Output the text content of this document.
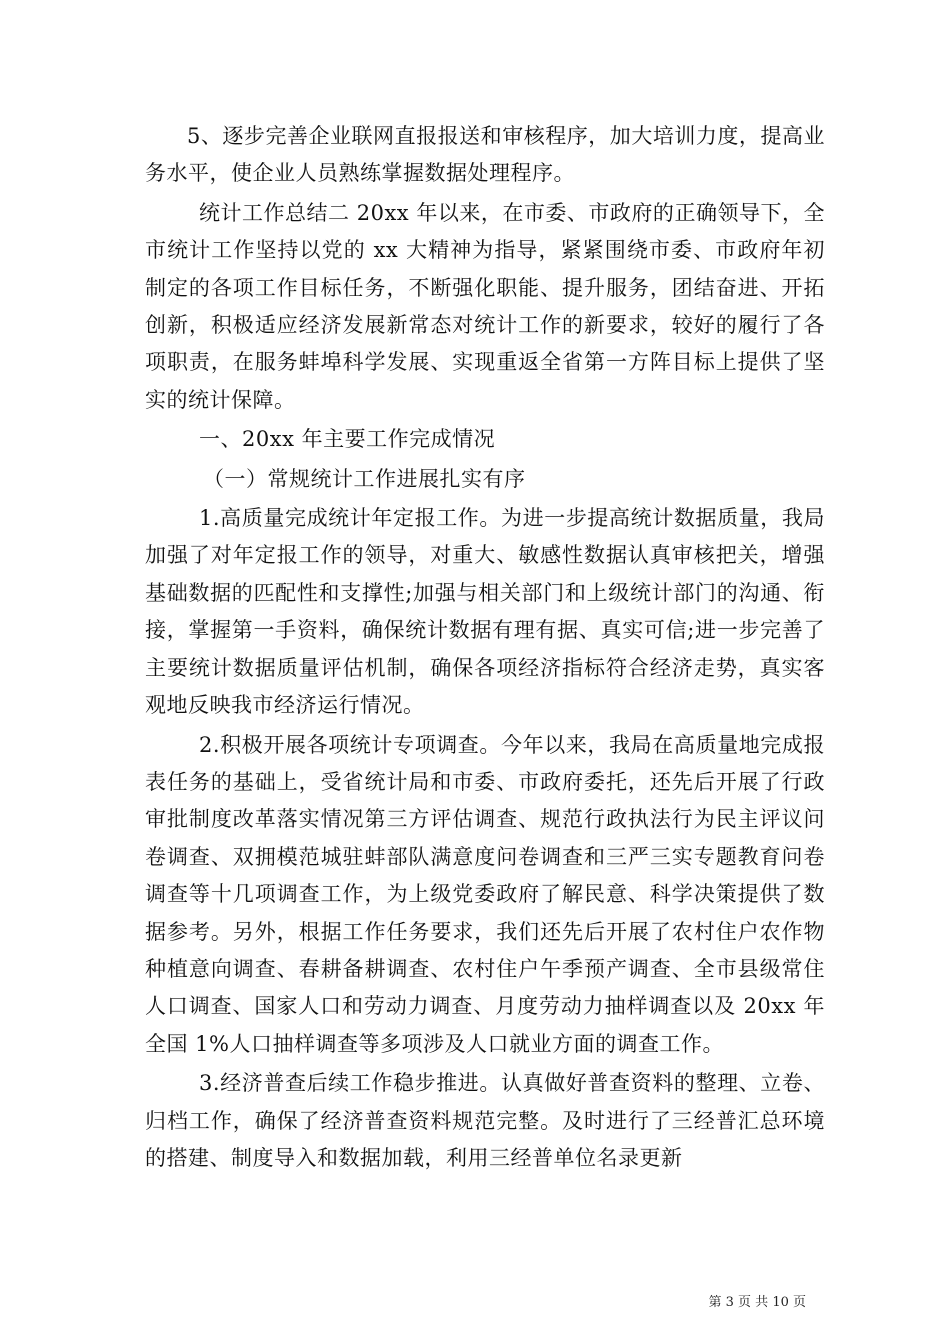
5、逐步完善企业联网直报报送和审核程序，加大培训力度，提高业务水平，使企业人员熟练掌握数据处理程序。

统计工作总结二 20xx 年以来，在市委、市政府的正确领导下，全市统计工作坚持以党的 xx 大精神为指导，紧紧围绕市委、市政府年初制定的各项工作目标任务，不断强化职能、提升服务，团结奋进、开拓创新，积极适应经济发展新常态对统计工作的新要求，较好的履行了各项职责，在服务蚌埠科学发展、实现重返全省第一方阵目标上提供了坚实的统计保障。

一、20xx 年主要工作完成情况

（一）常规统计工作进展扎实有序

1.高质量完成统计年定报工作。为进一步提高统计数据质量，我局加强了对年定报工作的领导，对重大、敏感性数据认真审核把关，增强基础数据的匹配性和支撑性;加强与相关部门和上级统计部门的沟通、衔接，掌握第一手资料，确保统计数据有理有据、真实可信;进一步完善了主要统计数据质量评估机制，确保各项经济指标符合经济走势，真实客观地反映我市经济运行情况。

2.积极开展各项统计专项调查。今年以来，我局在高质量地完成报表任务的基础上，受省统计局和市委、市政府委托，还先后开展了行政审批制度改革落实情况第三方评估调查、规范行政执法行为民主评议问卷调查、双拥模范城驻蚌部队满意度问卷调查和三严三实专题教育问卷调查等十几项调查工作，为上级党委政府了解民意、科学决策提供了数据参考。另外，根据工作任务要求，我们还先后开展了农村住户农作物种植意向调查、春耕备耕调查、农村住户午季预产调查、全市县级常住人口调查、国家人口和劳动力调查、月度劳动力抽样调查以及 20xx 年全国 1%人口抽样调查等多项涉及人口就业方面的调查工作。

3.经济普查后续工作稳步推进。认真做好普查资料的整理、立卷、归档工作，确保了经济普查资料规范完整。及时进行了三经普汇总环境的搭建、制度导入和数据加载，利用三经普单位名录更新

第 3 页 共 10 页
